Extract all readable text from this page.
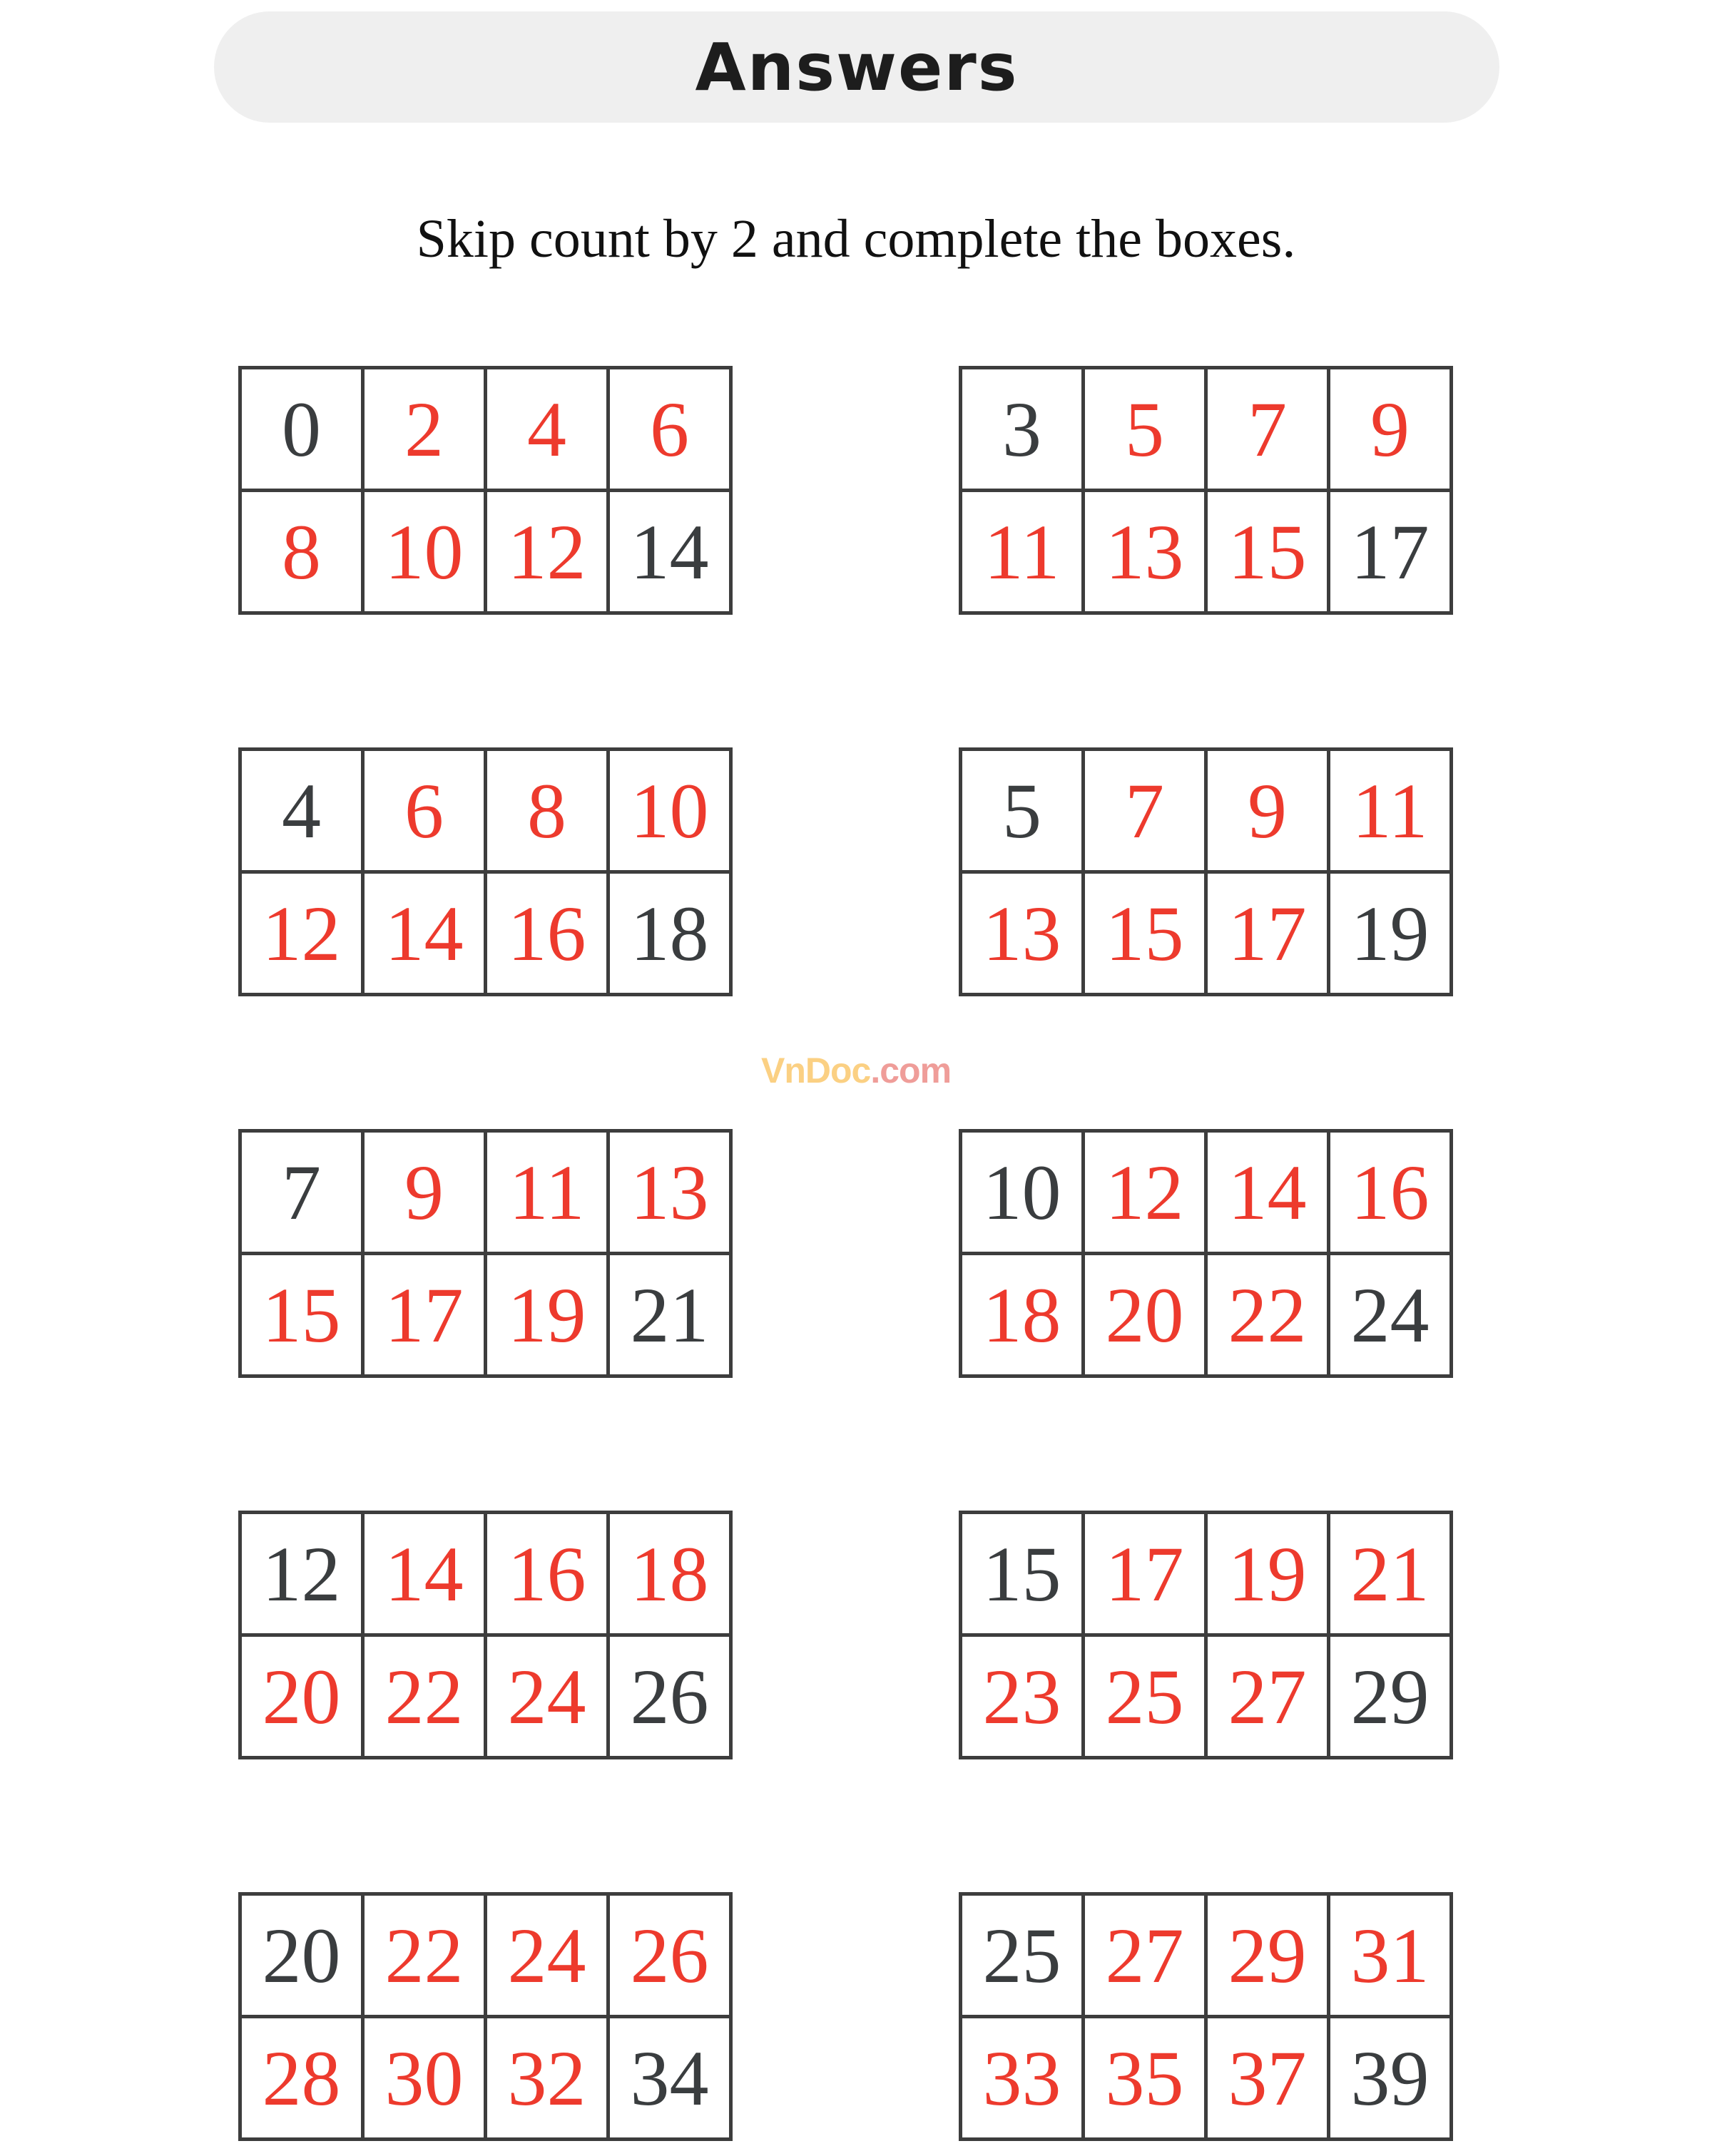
Answers
Skip count by 2 and complete the boxes.
0	2	4	6
8	10	12	14
3	5	7	9
11	13	15	17
4	6	8	10
12	14	16	18
5	7	9	11
13	15	17	19
7	9	11	13
15	17	19	21
10	12	14	16
18	20	22	24
12	14	16	18
20	22	24	26
15	17	19	21
23	25	27	29
20	22	24	26
28	30	32	34
25	27	29	31
33	35	37	39
VnDoc.com
